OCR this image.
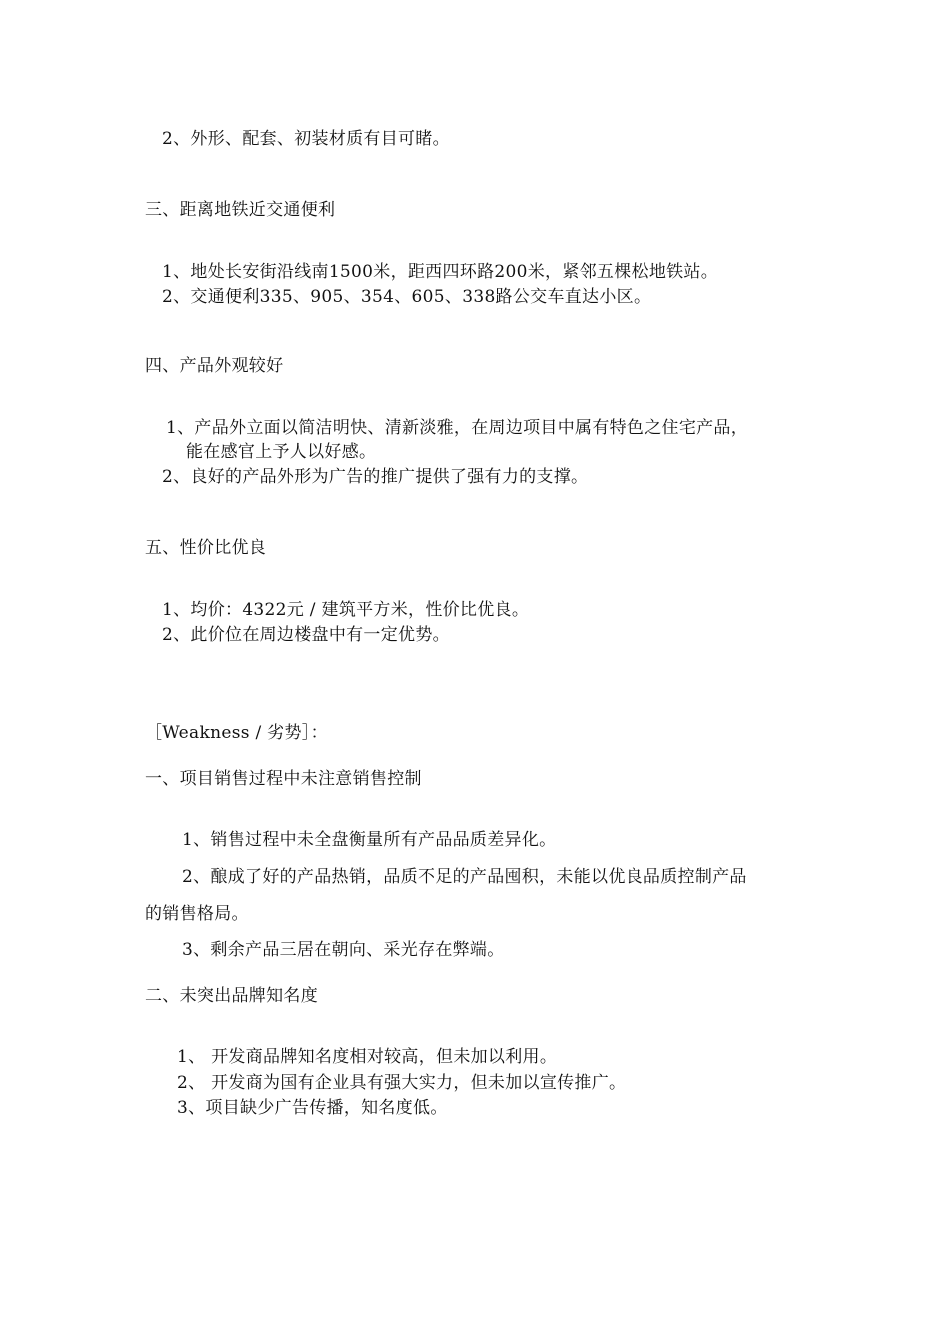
2、外形、配套、初装材质有目可睹。
三、距离地铁近交通便利
1、地处长安街沿线南1500米，距西四环路200米，紧邻五棵松地铁站。
2、交通便利335、905、354、605、338路公交车直达小区。
四、产品外观较好
1、产品外立面以简洁明快、清新淡雅，在周边项目中属有特色之住宅产品，
能在感官上予人以好感。
2、良好的产品外形为广告的推广提供了强有力的支撑。
五、性价比优良
1、均价：4322元 / 建筑平方米，性价比优良。
2、此价位在周边楼盘中有一定优势。
［Weakness / 劣势］：
一、项目销售过程中未注意销售控制
1、销售过程中未全盘衡量所有产品品质差异化。
2、酿成了好的产品热销，品质不足的产品囤积，未能以优良品质控制产品
的销售格局。
3、剩余产品三居在朝向、采光存在弊端。
二、未突出品牌知名度
1、 开发商品牌知名度相对较高，但未加以利用。
2、 开发商为国有企业具有强大实力，但未加以宣传推广。
3、项目缺少广告传播，知名度低。
